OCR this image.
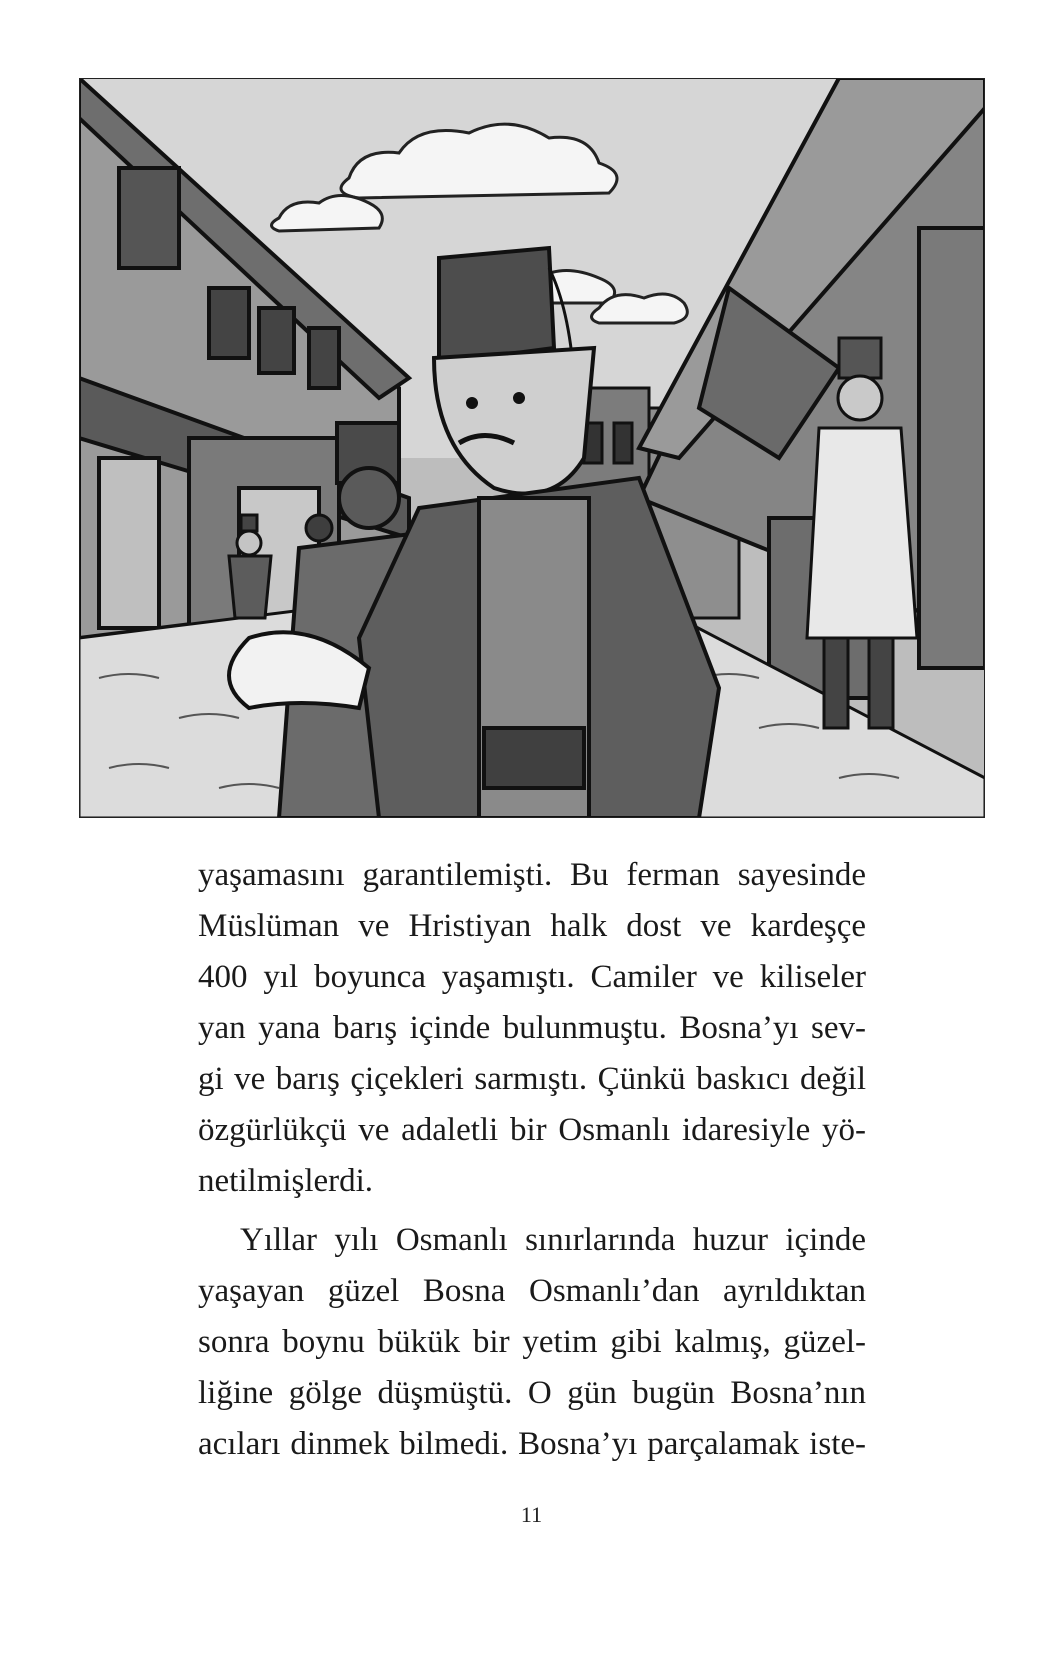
yaşamasını garantilemişti. Bu ferman sayesinde
Müslüman ve Hristiyan halk dost ve kardeşçe
400 yıl boyunca yaşamıştı. Camiler ve kiliseler
yan yana barış içinde bulunmuştu. Bosna’yı sev-
gi ve barış çiçekleri sarmıştı. Çünkü baskıcı değil
özgürlükçü ve adaletli bir Osmanlı idaresiyle yö-
netilmişlerdi.

Yıllar yılı Osmanlı sınırlarında huzur içinde
yaşayan güzel Bosna Osmanlı’dan ayrıldıktan
sonra boynu bükük bir yetim gibi kalmış, güzel-
liğine gölge düşmüştü. O gün bugün Bosna’nın
acıları dinmek bilmedi. Bosna’yı parçalamak iste-

11
